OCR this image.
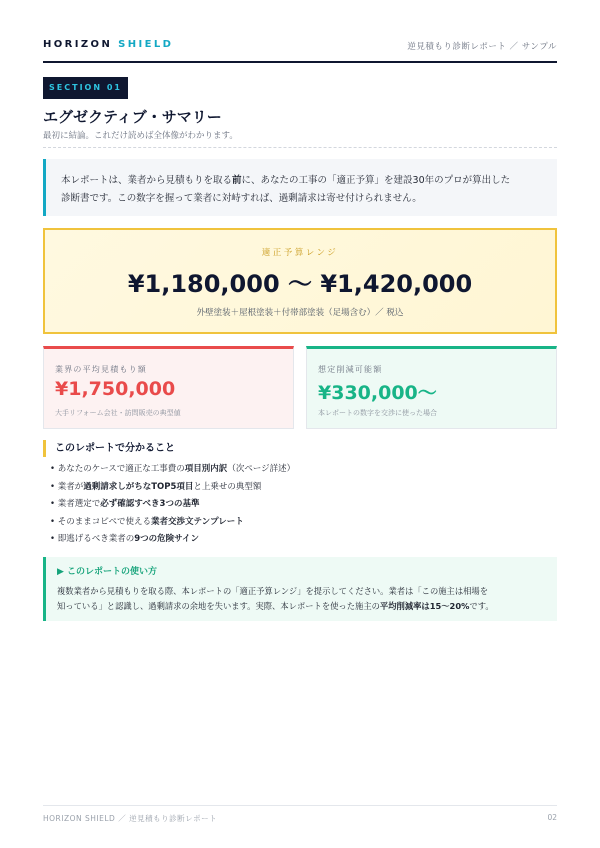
HORIZON SHIELD	逆見積もり診断レポート ／ サンプル
SECTION 01
エグゼクティブ・サマリー
最初に結論。これだけ読めば全体像がわかります。
本レポートは、業者から見積もりを取る前に、あなたの工事の「適正予算」を建設30年のプロが算出した
診断書です。この数字を握って業者に対峙すれば、過剰請求は寄せ付けられません。
適正予算レンジ
¥1,180,000 〜 ¥1,420,000
外壁塗装＋屋根塗装＋付帯部塗装（足場含む）／ 税込
業界の平均見積もり額
¥1,750,000
大手リフォーム会社・訪問販売の典型値
想定削減可能額
¥330,000〜
本レポートの数字を交渉に使った場合
このレポートで分かること
• あなたのケースで適正な工事費の項目別内訳（次ページ詳述）
• 業者が過剰請求しがちなTOP5項目と上乗せの典型額
• 業者選定で必ず確認すべき3つの基準
• そのままコピペで使える業者交渉文テンプレート
• 即逃げるべき業者の9つの危険サイン
▶ このレポートの使い方
複数業者から見積もりを取る際、本レポートの「適正予算レンジ」を提示してください。業者は「この施主は相場を
知っている」と認識し、過剰請求の余地を失います。実際、本レポートを使った施主の平均削減率は15〜20%です。
HORIZON SHIELD ／ 逆見積もり診断レポート	02
